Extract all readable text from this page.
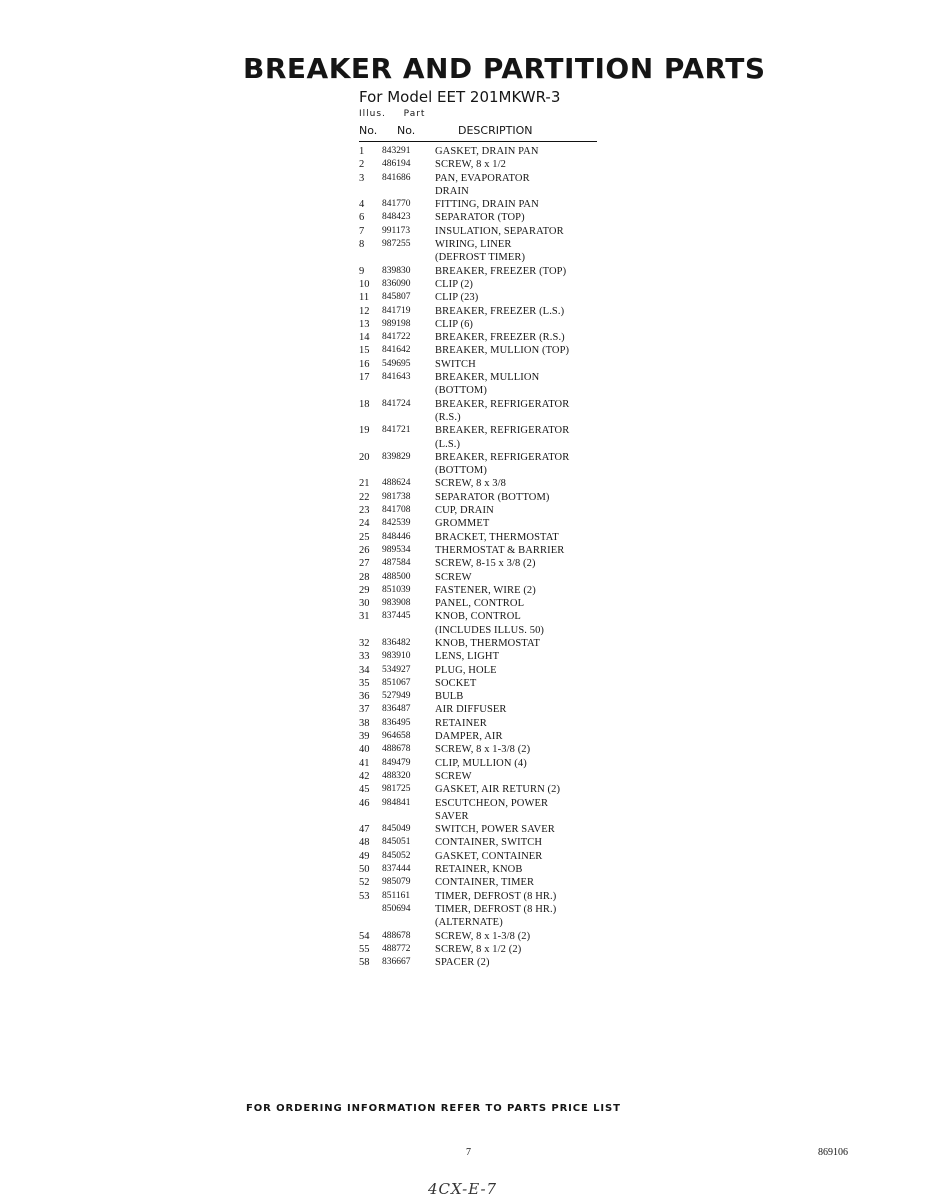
BREAKER AND PARTITION PARTS
For Model EET 201MKWR-3
Illus. Part
No. No.	DESCRIPTION
1	843291 GASKET, DRAIN PAN
2	486194 SCREW, 8 x 1/2
3	841686 PAN, EVAPORATOR
DRAIN
4	841770 FITTING, DRAIN PAN
6	848423 SEPARATOR (TOP)
7	991173 INSULATION, SEPARATOR
8	987255 WIRING, LINER
(DEFROST TIMER)
9	839830 BREAKER, FREEZER (TOP)
10	836090 CLIP (2)
11	845807 CLIP (23)
12	841719 BREAKER, FREEZER (L.S.)
13	989198 CLIP (6)
14	841722 BREAKER, FREEZER (R.S.)
15	841642 BREAKER, MULLION (TOP)
16	549695 SWITCH
17	841643 BREAKER, MULLION
(BOTTOM)
18	841724 BREAKER, REFRIGERATOR
(R.S.)
19	841721 BREAKER, REFRIGERATOR
(L.S.)
20	839829 BREAKER, REFRIGERATOR
(BOTTOM)
21	488624 SCREW, 8 x 3/8
22	981738 SEPARATOR (BOTTOM)
23	841708 CUP, DRAIN
24	842539 GROMMET
25	848446 BRACKET, THERMOSTAT
26	989534 THERMOSTAT & BARRIER
27	487584 SCREW, 8-15 x 3/8 (2)
28	488500 SCREW
29	851039 FASTENER, WIRE (2)
30	983908 PANEL, CONTROL
31	837445 KNOB, CONTROL
(INCLUDES ILLUS. 50)
32	836482 KNOB, THERMOSTAT
33	983910 LENS, LIGHT
34	534927 PLUG, HOLE
35	851067 SOCKET
36	527949 BULB
37	836487 AIR DIFFUSER
38	836495 RETAINER
39	964658 DAMPER, AIR
40	488678 SCREW, 8 x 1-3/8 (2)
41	849479 CLIP, MULLION (4)
42	488320 SCREW
45	981725 GASKET, AIR RETURN (2)
46	984841 ESCUTCHEON, POWER
SAVER
47	845049 SWITCH, POWER SAVER
48	845051 CONTAINER, SWITCH
49	845052 GASKET, CONTAINER
50	837444 RETAINER, KNOB
52	985079 CONTAINER, TIMER
53	851161 TIMER, DEFROST (8 HR.)
850694 TIMER, DEFROST (8 HR.)
(ALTERNATE)
54	488678 SCREW, 8 x 1-3/8 (2)
55	488772 SCREW, 8 x 1/2 (2)
58	836667 SPACER (2)
FOR ORDERING INFORMATION REFER TO PARTS PRICE LIST
7	869106
4CX-E-7
